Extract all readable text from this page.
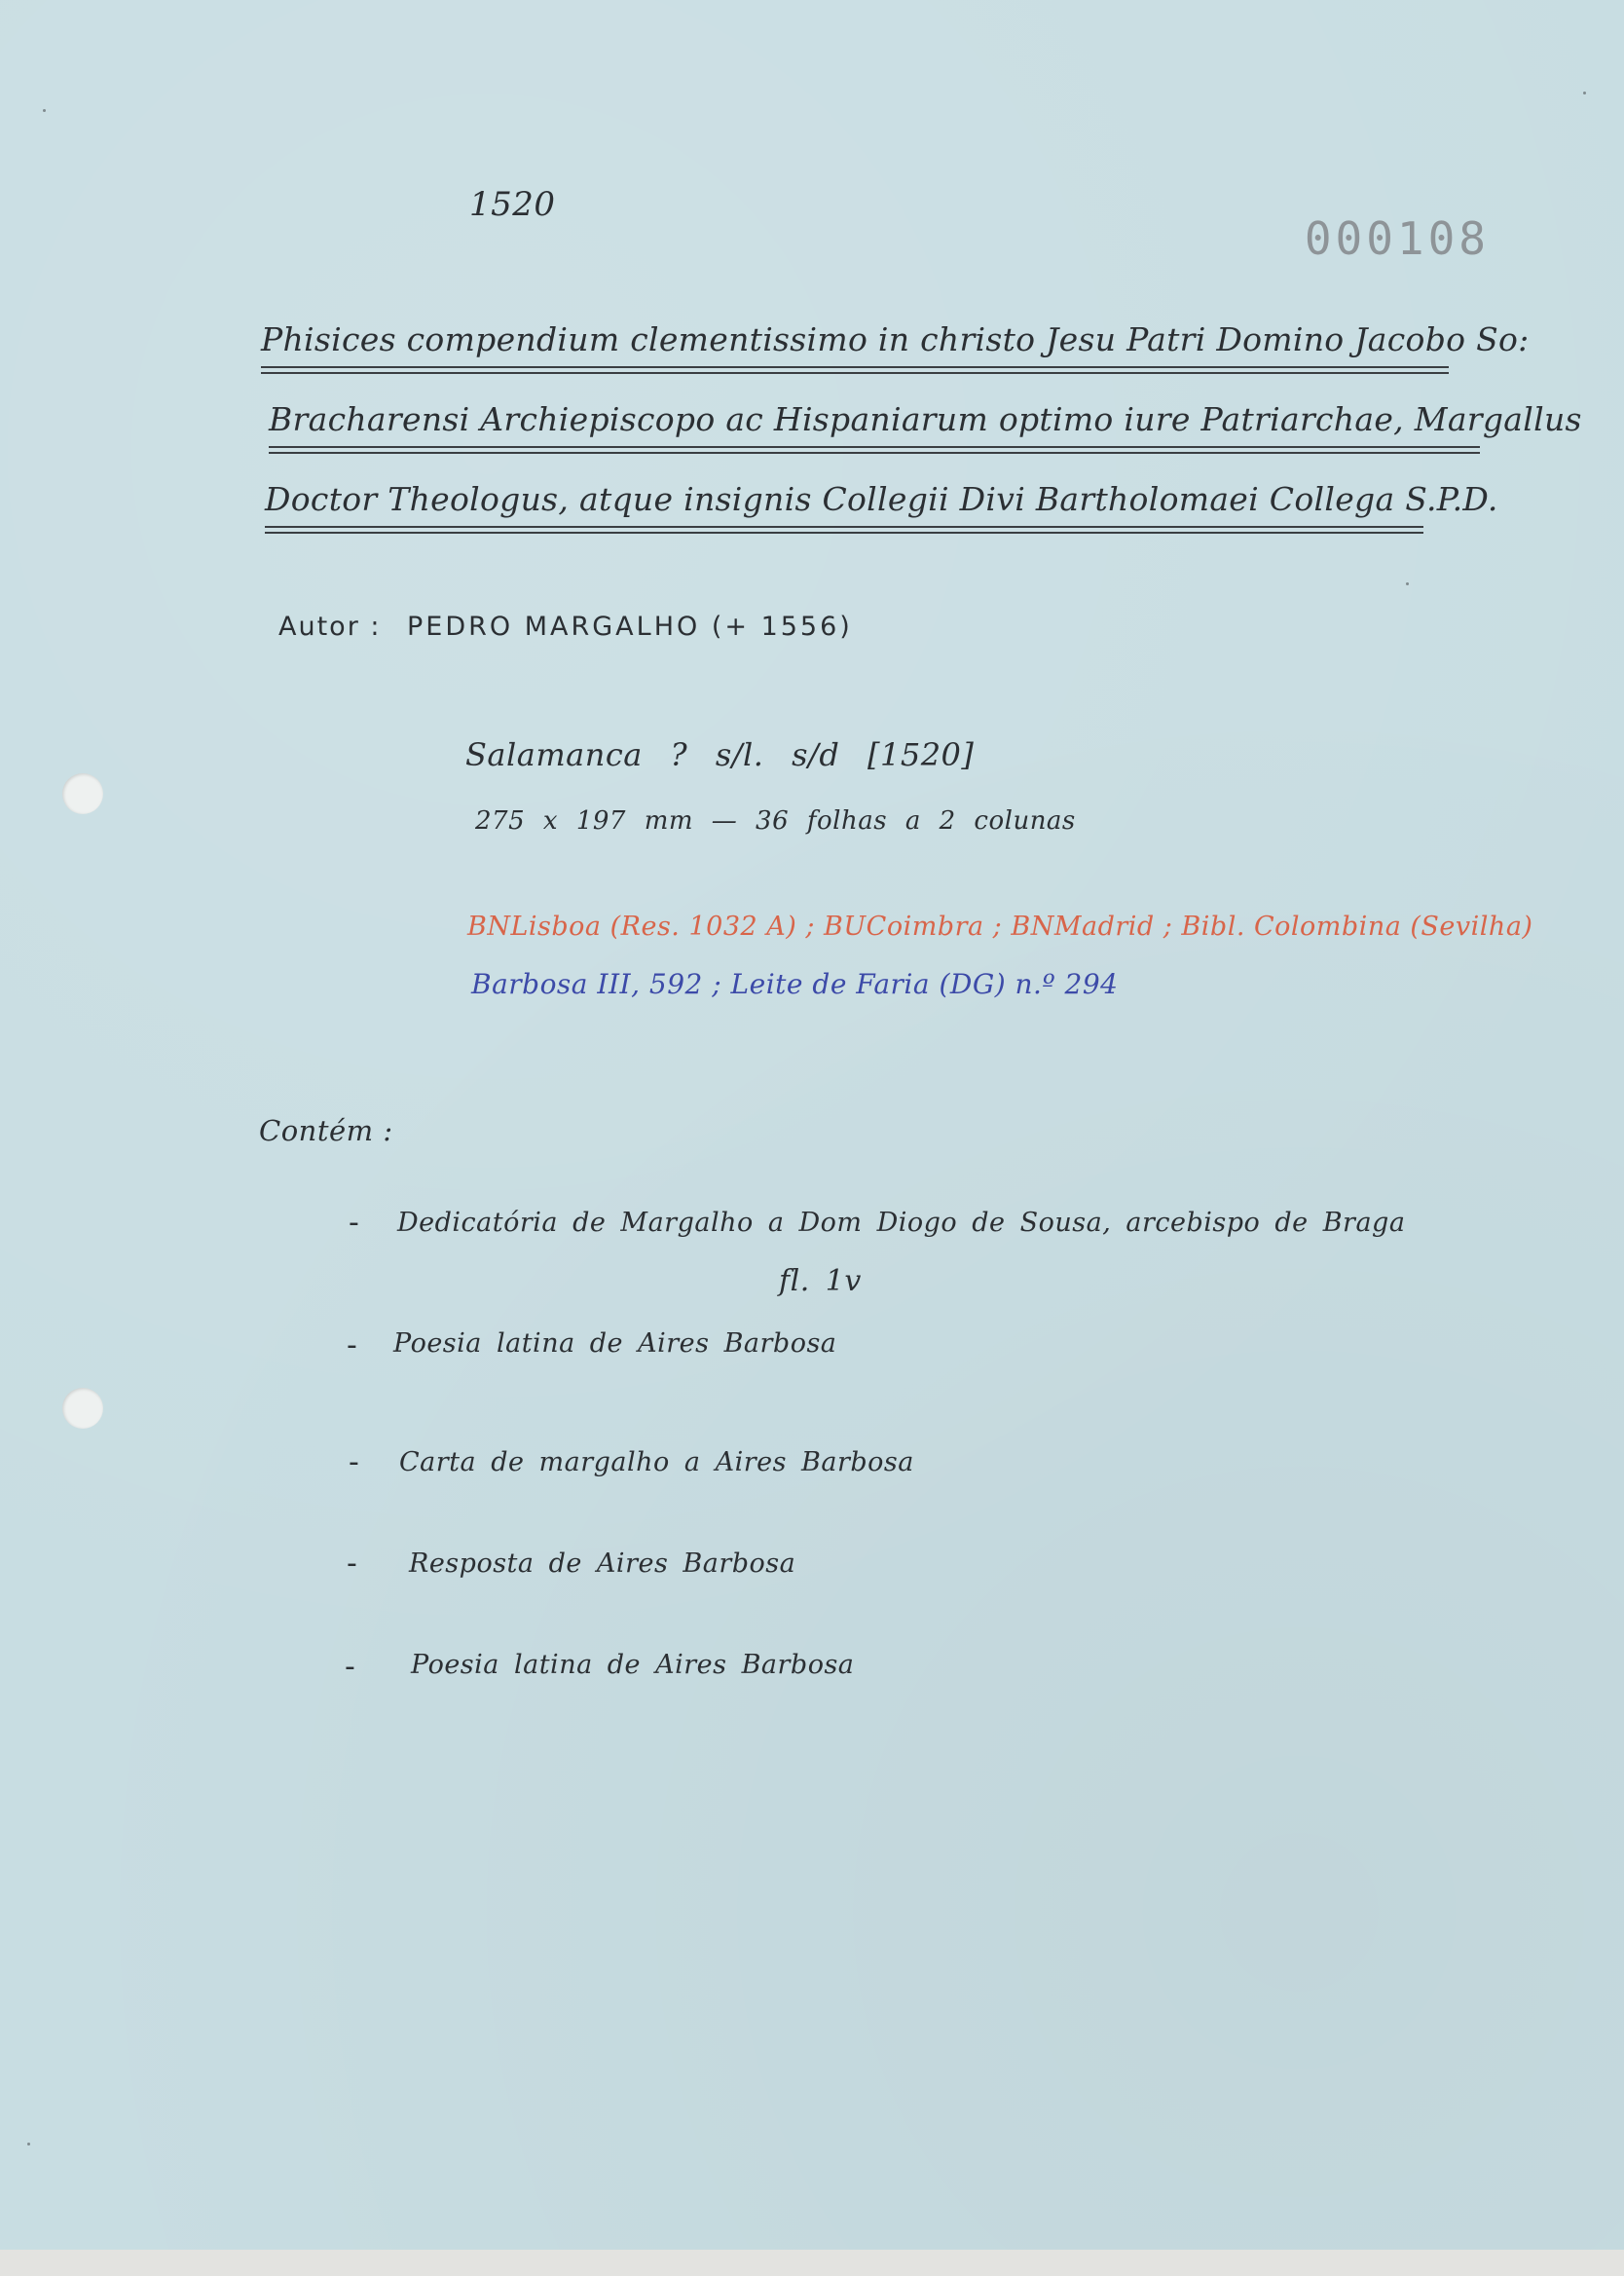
1520
000108
Phisices compendium clementissimo in christo Jesu Patri Domino Jacobo So:
Bracharensi Archiepiscopo ac Hispaniarum optimo iure Patriarchae, Margallus
Doctor Theologus, atque insignis Collegii Divi Bartholomaei Collega S.P.D.
Autor : PEDRO MARGALHO (+ 1556)
Salamanca ? s/l. s/d [1520]
275 x 197 mm — 36 folhas a 2 colunas
BNLisboa (Res. 1032 A) ; BUCoimbra ; BNMadrid ; Bibl. Colombina (Sevilha)
Barbosa III, 592 ; Leite de Faria (DG) n.º 294
Contém :
- Dedicatória de Margalho a Dom Diogo de Sousa, arcebispo de Braga
fl. 1v
- Poesia latina de Aires Barbosa
- Carta de margalho a Aires Barbosa
- Resposta de Aires Barbosa
- Poesia latina de Aires Barbosa
